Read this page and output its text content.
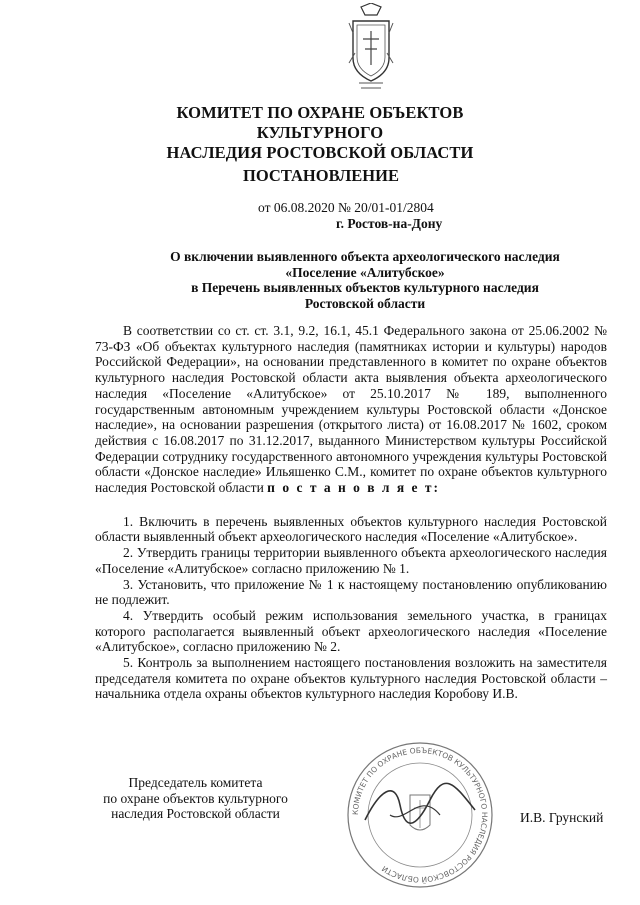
КОМИТЕТ ПО ОХРАНЕ ОБЪЕКТОВ КУЛЬТУРНОГО
НАСЛЕДИЯ РОСТОВСКОЙ ОБЛАСТИ
ПОСТАНОВЛЕНИЕ
от 06.08.2020 № 20/01-01/2804
г. Ростов-на-Дону
О включении выявленного объекта археологического наследия
«Поселение «Алитубское»
в Перечень выявленных объектов культурного наследия
Ростовской области

В соответствии со ст. ст. 3.1, 9.2, 16.1, 45.1 Федерального закона от 25.06.2002 № 73-ФЗ «Об объектах культурного наследия (памятниках истории и культуры) народов Российской Федерации», на основании представленного в комитет по охране объектов культурного наследия Ростовской области акта выявления объекта археологического наследия «Поселение «Алитубское» от 25.10.2017 № 189, выполненного государственным автономным учреждением культуры Ростовской области «Донское наследие», на основании разрешения (открытого листа) от 16.08.2017 № 1602, сроком действия с 16.08.2017 по 31.12.2017, выданного Министерством культуры Российской Федерации сотруднику государственного автономного учреждения культуры Ростовской области «Донское наследие» Ильяшенко С.М., комитет по охране объектов культурного наследия Ростовской области п о с т а н о в л я е т:

1. Включить в перечень выявленных объектов культурного наследия Ростовской области выявленный объект археологического наследия «Поселение «Алитубское».

2. Утвердить границы территории выявленного объекта археологического наследия «Поселение «Алитубское» согласно приложению № 1.

3. Установить, что приложение № 1 к настоящему постановлению опубликованию не подлежит.

4. Утвердить особый режим использования земельного участка, в границах которого располагается выявленный объект археологического наследия «Поселение «Алитубское», согласно приложению № 2.

5. Контроль за выполнением настоящего постановления возложить на заместителя председателя комитета по охране объектов культурного наследия Ростовской области – начальника отдела охраны объектов культурного наследия Коробову И.В.

КОМИТЕТ ПО ОХРАНЕ ОБЪЕКТОВ КУЛЬТУРНОГО НАСЛЕДИЯ РОСТОВСКОЙ ОБЛАСТИ
Председатель комитета
по охране объектов культурного
наследия Ростовской области	И.В. Грунский
